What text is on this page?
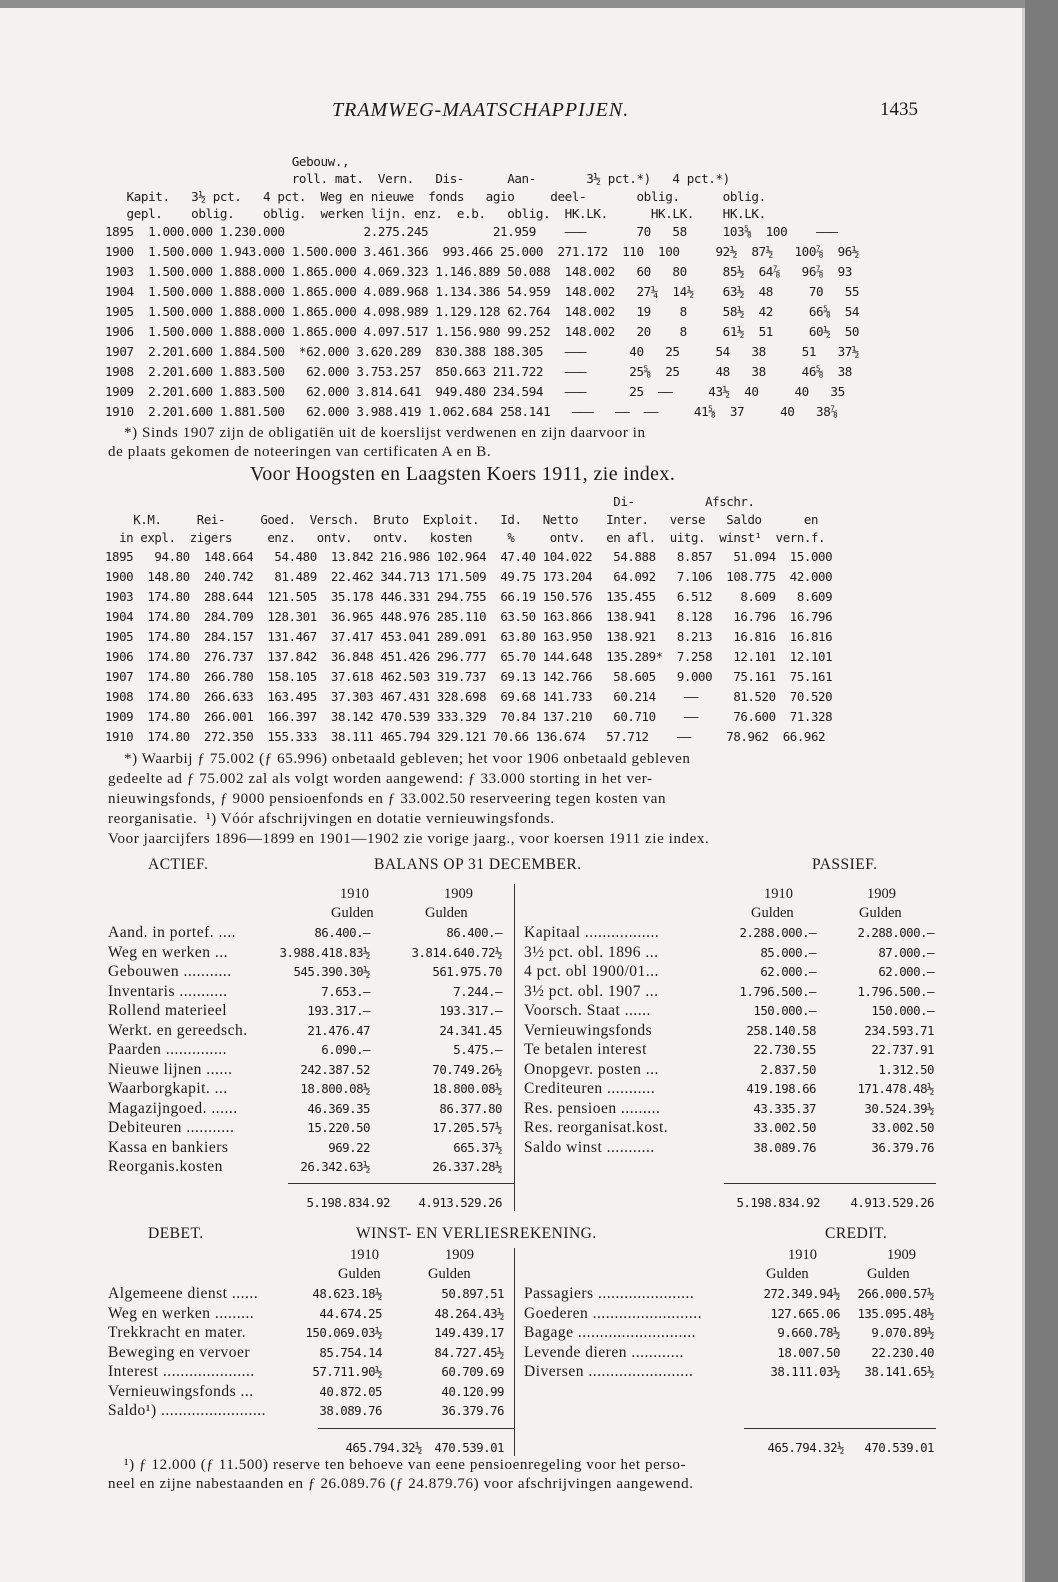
TRAMWEG-MAATSCHAPPIJEN.	1435
Gebouw.,
roll. mat.  Vern.   Dis-      Aan-       3½ pct.*)   4 pct.*)
Kapit.   3½ pct.   4 pct.  Weg en nieuwe  fonds   agio     deel-       oblig.      oblig.
gepl.    oblig.    oblig.  werken lijn. enz.  e.b.   oblig.  HK.LK.      HK.LK.    HK.LK.
1895  1.000.000 1.230.000           2.275.245         21.959    ———       70   58     103⅝  100    ———
1900  1.500.000 1.943.000 1.500.000 3.461.366  993.466 25.000  271.172  110  100     92½  87½   100⅞  96½
1903  1.500.000 1.888.000 1.865.000 4.069.323 1.146.889 50.088  148.002   60   80     85½  64⅞   96⅞  93
1904  1.500.000 1.888.000 1.865.000 4.089.968 1.134.386 54.959  148.002   27¼  14½    63½  48     70   55
1905  1.500.000 1.888.000 1.865.000 4.098.989 1.129.128 62.764  148.002   19    8     58½  42     66⅝  54
1906  1.500.000 1.888.000 1.865.000 4.097.517 1.156.980 99.252  148.002   20    8     61½  51     60½  50
1907  2.201.600 1.884.500  *62.000 3.620.289  830.388 188.305   ———      40   25     54   38     51   37½
1908  2.201.600 1.883.500   62.000 3.753.257  850.663 211.722   ———      25⅝  25     48   38     46⅝  38
1909  2.201.600 1.883.500   62.000 3.814.641  949.480 234.594   ———      25  ——     43½  40     40   35
1910  2.201.600 1.881.500   62.000 3.988.419 1.062.684 258.141   ———   ——  ——     41⅝  37     40   38⅞
*) Sinds 1907 zijn de obligatiën uit de koerslijst verdwenen en zijn daarvoor in
de plaats gekomen de noteeringen van certificaten A en B.
Voor Hoogsten en Laagsten Koers 1911, zie index.
Di-          Afschr.
K.M.     Rei-     Goed.  Versch.  Bruto  Exploit.   Id.   Netto    Inter.   verse   Saldo      en
in expl.  zigers     enz.   ontv.   ontv.   kosten     %     ontv.   en afl.  uitg.  winst¹  vern.f.
1895   94.80  148.664   54.480  13.842 216.986 102.964  47.40 104.022   54.888   8.857   51.094  15.000
1900  148.80  240.742   81.489  22.462 344.713 171.509  49.75 173.204   64.092   7.106  108.775  42.000
1903  174.80  288.644  121.505  35.178 446.331 294.755  66.19 150.576  135.455   6.512    8.609   8.609
1904  174.80  284.709  128.301  36.965 448.976 285.110  63.50 163.866  138.941   8.128   16.796  16.796
1905  174.80  284.157  131.467  37.417 453.041 289.091  63.80 163.950  138.921   8.213   16.816  16.816
1906  174.80  276.737  137.842  36.848 451.426 296.777  65.70 144.648  135.289*  7.258   12.101  12.101
1907  174.80  266.780  158.105  37.618 462.503 319.737  69.13 142.766   58.605   9.000   75.161  75.161
1908  174.80  266.633  163.495  37.303 467.431 328.698  69.68 141.733   60.214    ——     81.520  70.520
1909  174.80  266.001  166.397  38.142 470.539 333.329  70.84 137.210   60.710    ——     76.600  71.328
1910  174.80  272.350  155.333  38.111 465.794 329.121 70.66 136.674   57.712    ——     78.962  66.962
*) Waarbij ƒ 75.002 (ƒ 65.996) onbetaald gebleven; het voor 1906 onbetaald gebleven
gedeelte ad ƒ 75.002 zal als volgt worden aangewend: ƒ 33.000 storting in het ver-
nieuwingsfonds, ƒ 9000 pensioenfonds en ƒ 33.002.50 reserveering tegen kosten van
reorganisatie.  ¹) Vóór afschrijvingen en dotatie vernieuwingsfonds.
Voor jaarcijfers 1896—1899 en 1901—1902 zie vorige jaarg., voor koersen 1911 zie index.
ACTIEF.	BALANS OP 31 DECEMBER.	PASSIEF.
1910	1909
Gulden	Gulden
1910	1909
Gulden	Gulden
Aand. in portef. ....	86.400.—	86.400.—
Weg en werken ...	3.988.418.83½	3.814.640.72½
Gebouwen ...........	545.390.30½	561.975.70
Inventaris ...........	7.653.—	7.244.—
Rollend materieel	193.317.—	193.317.—
Werkt. en gereedsch.	21.476.47	24.341.45
Paarden ..............	6.090.—	5.475.—
Nieuwe lijnen ......	242.387.52	70.749.26½
Waarborgkapit. ...	18.800.08½	18.800.08½
Magazijngoed. ......	46.369.35	86.377.80
Debiteuren ...........	15.220.50	17.205.57½
Kassa en bankiers	969.22	665.37½
Reorganis.kosten	26.342.63½	26.337.28½
Kapitaal .................	2.288.000.—	2.288.000.—
3½ pct. obl. 1896 ...	85.000.—	87.000.—
4 pct. obl 1900/01...	62.000.—	62.000.—
3½ pct. obl. 1907 ...	1.796.500.—	1.796.500.—
Voorsch. Staat ......	150.000.—	150.000.—
Vernieuwingsfonds	258.140.58	234.593.71
Te betalen interest	22.730.55	22.737.91
Onopgevr. posten ...	2.837.50	1.312.50
Crediteuren ...........	419.198.66	171.478.48½
Res. pensioen .........	43.335.37	30.524.39½
Res. reorganisat.kost.	33.002.50	33.002.50
Saldo winst ...........	38.089.76	36.379.76
5.198.834.92	4.913.529.26	5.198.834.92	4.913.529.26
DEBET.	WINST- EN VERLIESREKENING.	CREDIT.
1910	1909
Gulden	Gulden
1910	1909
Gulden	Gulden
Algemeene dienst ......	48.623.18½	50.897.51
Weg en werken .........	44.674.25	48.264.43½
Trekkracht en mater.	150.069.03½	149.439.17
Beweging en vervoer	85.754.14	84.727.45½
Interest .....................	57.711.90½	60.709.69
Vernieuwingsfonds ...	40.872.05	40.120.99
Saldo¹) ........................	38.089.76	36.379.76
Passagiers ......................	272.349.94½	266.000.57½
Goederen .........................	127.665.06	135.095.48½
Bagage ...........................	9.660.78½	9.070.89½
Levende dieren ............	18.007.50	22.230.40
Diversen ........................	38.111.03½	38.141.65½
465.794.32½ 470.539.01	465.794.32½	470.539.01
¹) ƒ 12.000 (ƒ 11.500) reserve ten behoeve van eene pensioenregeling voor het perso-
neel en zijne nabestaanden en ƒ 26.089.76 (ƒ 24.879.76) voor afschrijvingen aangewend.
